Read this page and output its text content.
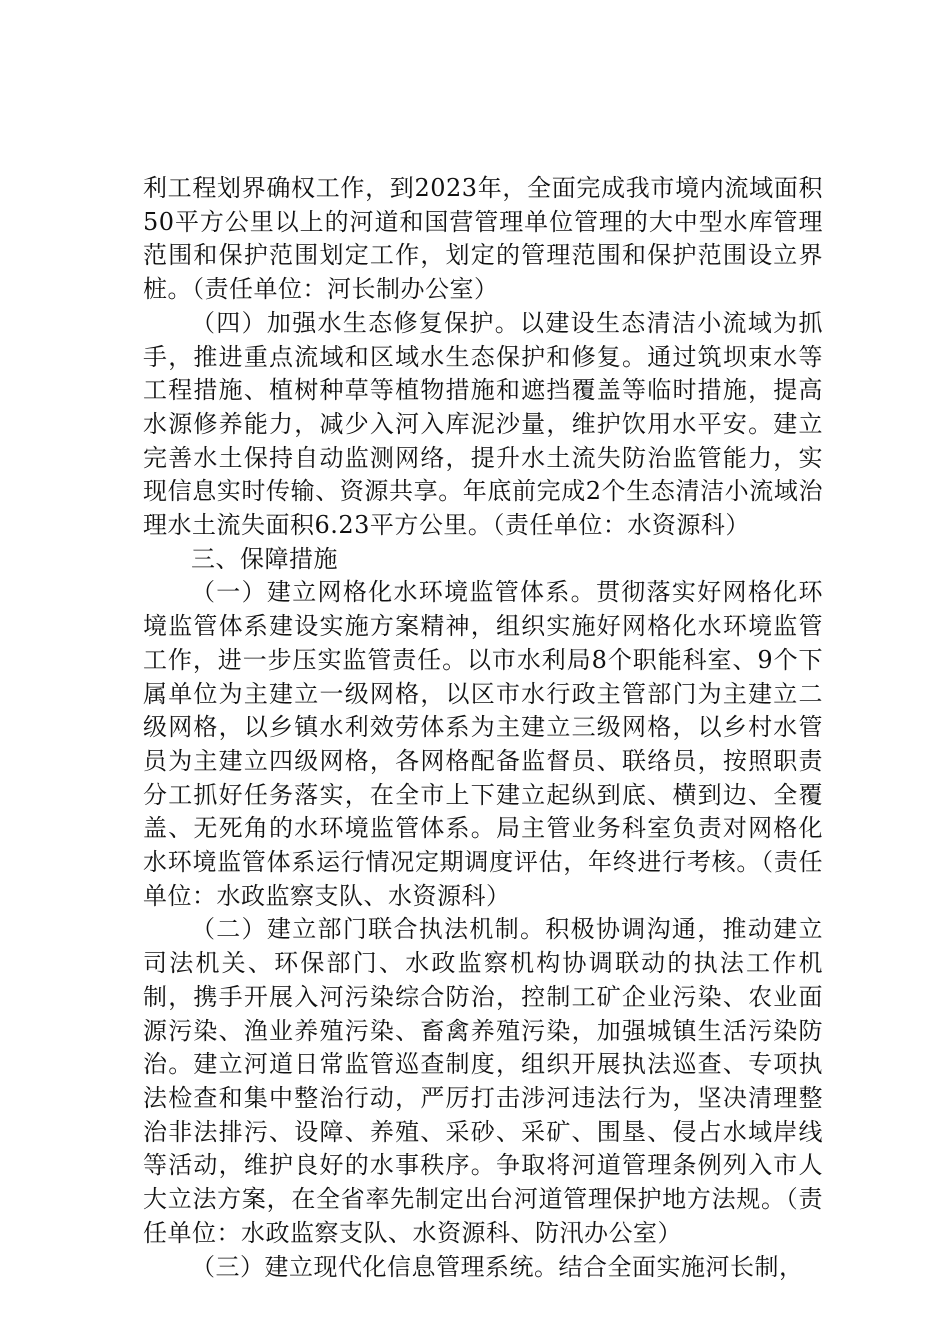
利工程划界确权工作，到2023年，全面完成我市境内流域面积50平方公里以上的河道和国营管理单位管理的大中型水库管理范围和保护范围划定工作，划定的管理范围和保护范围设立界桩。（责任单位：河长制办公室）

（四）加强水生态修复保护。以建设生态清洁小流域为抓手，推进重点流域和区域水生态保护和修复。通过筑坝束水等工程措施、植树种草等植物措施和遮挡覆盖等临时措施，提高水源修养能力，减少入河入库泥沙量，维护饮用水平安。建立完善水土保持自动监测网络，提升水土流失防治监管能力，实现信息实时传输、资源共享。年底前完成2个生态清洁小流域治理水土流失面积6.23平方公里。（责任单位：水资源科）

三、保障措施

（一）建立网格化水环境监管体系。贯彻落实好网格化环境监管体系建设实施方案精神，组织实施好网格化水环境监管工作，进一步压实监管责任。以市水利局8个职能科室、9个下属单位为主建立一级网格，以区市水行政主管部门为主建立二级网格，以乡镇水利效劳体系为主建立三级网格，以乡村水管员为主建立四级网格，各网格配备监督员、联络员，按照职责分工抓好任务落实，在全市上下建立起纵到底、横到边、全覆盖、无死角的水环境监管体系。局主管业务科室负责对网格化水环境监管体系运行情况定期调度评估，年终进行考核。（责任单位：水政监察支队、水资源科）

（二）建立部门联合执法机制。积极协调沟通，推动建立司法机关、环保部门、水政监察机构协调联动的执法工作机制，携手开展入河污染综合防治，控制工矿企业污染、农业面源污染、渔业养殖污染、畜禽养殖污染，加强城镇生活污染防治。建立河道日常监管巡查制度，组织开展执法巡查、专项执法检查和集中整治行动，严厉打击涉河违法行为，坚决清理整治非法排污、设障、养殖、采砂、采矿、围垦、侵占水域岸线等活动，维护良好的水事秩序。争取将河道管理条例列入市人大立法方案，在全省率先制定出台河道管理保护地方法规。（责任单位：水政监察支队、水资源科、防汛办公室）

（三）建立现代化信息管理系统。结合全面实施河长制，
